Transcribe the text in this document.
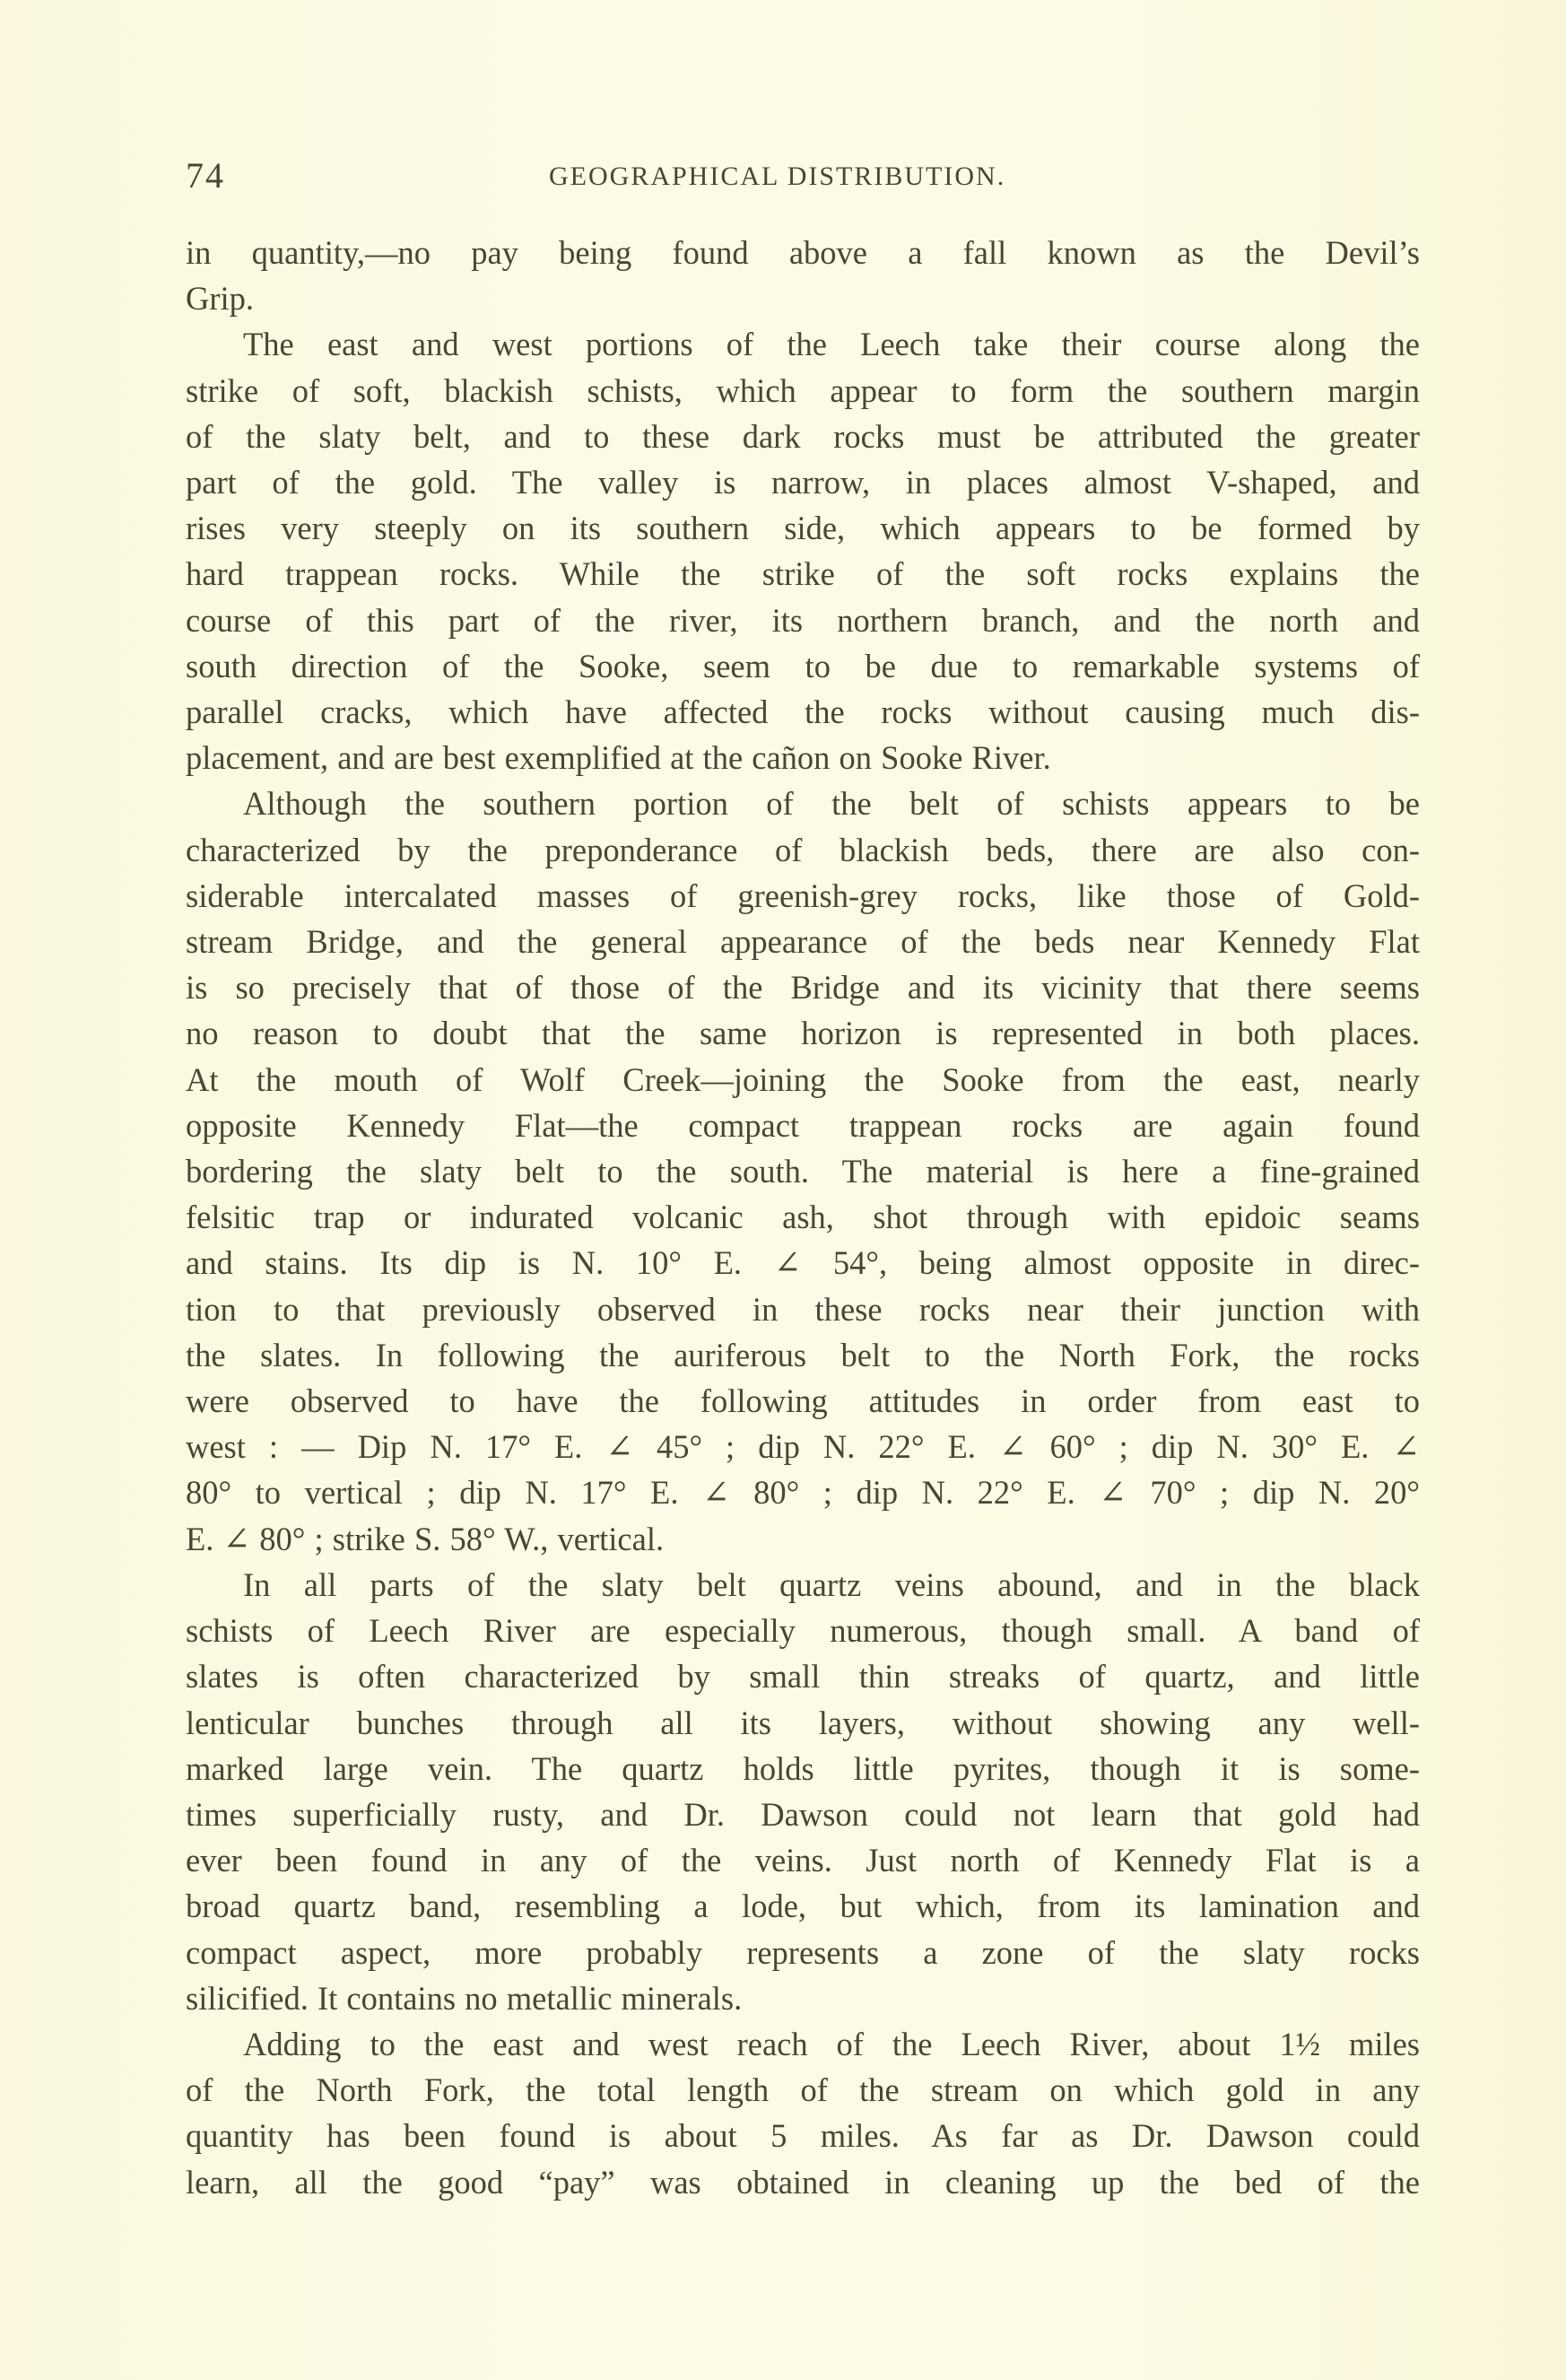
74	GEOGRAPHICAL DISTRIBUTION.
in quantity,—no pay being found above a fall known as the Devil’s
Grip.
The east and west portions of the Leech take their course along the
strike of soft, blackish schists, which appear to form the southern margin
of the slaty belt, and to these dark rocks must be attributed the greater
part of the gold. The valley is narrow, in places almost V-shaped, and
rises very steeply on its southern side, which appears to be formed by
hard trappean rocks. While the strike of the soft rocks explains the
course of this part of the river, its northern branch, and the north and
south direction of the Sooke, seem to be due to remarkable systems of
parallel cracks, which have affected the rocks without causing much dis-
placement, and are best exemplified at the cañon on Sooke River.
Although the southern portion of the belt of schists appears to be
characterized by the preponderance of blackish beds, there are also con-
siderable intercalated masses of greenish-grey rocks, like those of Gold-
stream Bridge, and the general appearance of the beds near Kennedy Flat
is so precisely that of those of the Bridge and its vicinity that there seems
no reason to doubt that the same horizon is represented in both places.
At the mouth of Wolf Creek—joining the Sooke from the east, nearly
opposite Kennedy Flat—the compact trappean rocks are again found
bordering the slaty belt to the south. The material is here a fine-grained
felsitic trap or indurated volcanic ash, shot through with epidoic seams
and stains. Its dip is N. 10° E. ∠ 54°, being almost opposite in direc-
tion to that previously observed in these rocks near their junction with
the slates. In following the auriferous belt to the North Fork, the rocks
were observed to have the following attitudes in order from east to
west : — Dip N. 17° E. ∠ 45° ; dip N. 22° E. ∠ 60° ; dip N. 30° E. ∠
80° to vertical ; dip N. 17° E. ∠ 80° ; dip N. 22° E. ∠ 70° ; dip N. 20°
E. ∠ 80° ; strike S. 58° W., vertical.
In all parts of the slaty belt quartz veins abound, and in the black
schists of Leech River are especially numerous, though small. A band of
slates is often characterized by small thin streaks of quartz, and little
lenticular bunches through all its layers, without showing any well-
marked large vein. The quartz holds little pyrites, though it is some-
times superficially rusty, and Dr. Dawson could not learn that gold had
ever been found in any of the veins. Just north of Kennedy Flat is a
broad quartz band, resembling a lode, but which, from its lamination and
compact aspect, more probably represents a zone of the slaty rocks
silicified. It contains no metallic minerals.
Adding to the east and west reach of the Leech River, about 1½ miles
of the North Fork, the total length of the stream on which gold in any
quantity has been found is about 5 miles. As far as Dr. Dawson could
learn, all the good “pay” was obtained in cleaning up the bed of the
